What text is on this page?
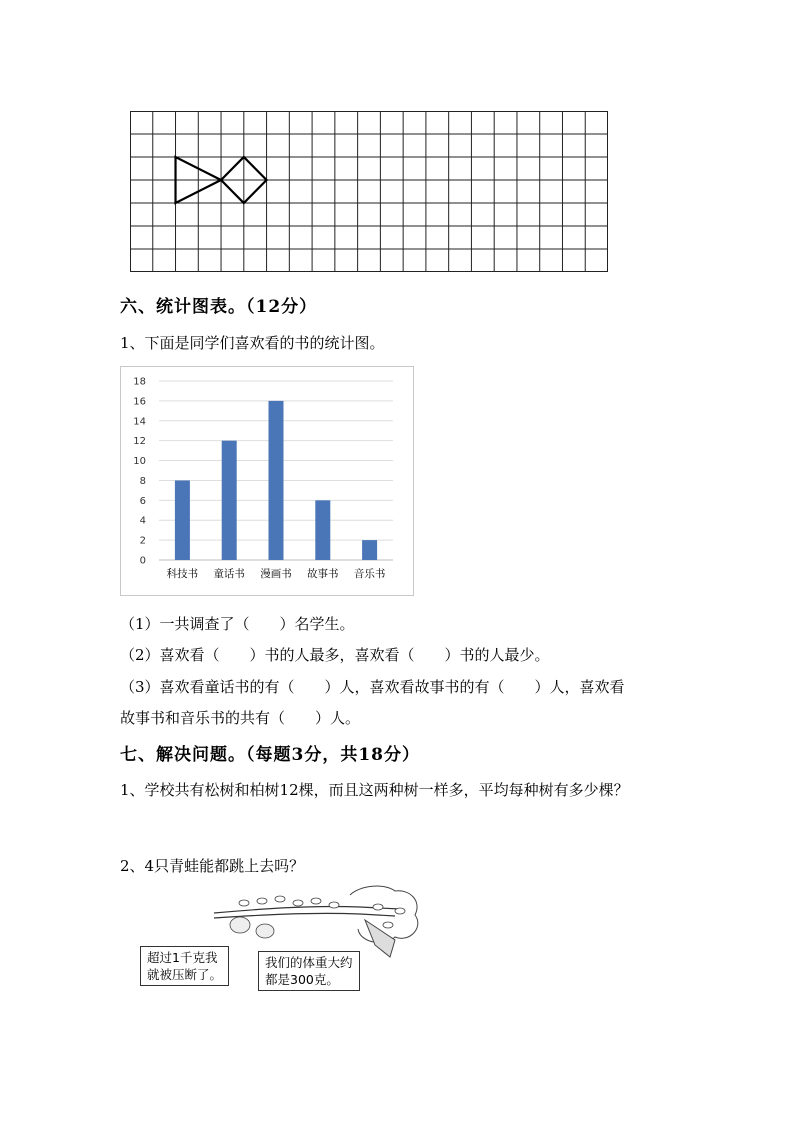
六、统计图表。（12分）
1、下面是同学们喜欢看的书的统计图。
0
2
4
6
8
10
12
14
16
18
科技书 童话书 漫画书 故事书 音乐书
（1）一共调查了（　　）名学生。
（2）喜欢看（　　）书的人最多，喜欢看（　　）书的人最少。
（3）喜欢看童话书的有（　　）人，喜欢看故事书的有（　　）人，喜欢看
故事书和音乐书的共有（　　）人。
七、解决问题。（每题3分，共18分）
1、学校共有松树和柏树12棵，而且这两种树一样多，平均每种树有多少棵？
2、4只青蛙能都跳上去吗？
超过1千克我
就被压断了。
我们的体重大约
都是300克。
